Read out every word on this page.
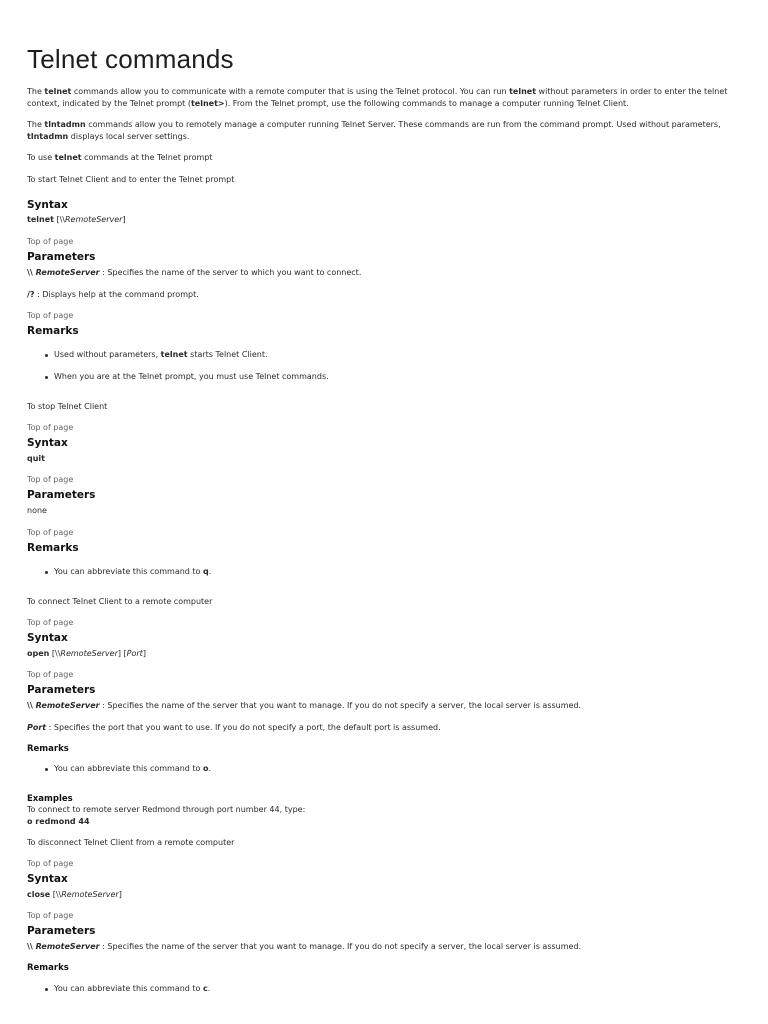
Telnet commands
The telnet commands allow you to communicate with a remote computer that is using the Telnet protocol. You can run telnet without parameters in order to enter the telnet context, indicated by the Telnet prompt (telnet>). From the Telnet prompt, use the following commands to manage a computer running Telnet Client.
The tlntadmn commands allow you to remotely manage a computer running Telnet Server. These commands are run from the command prompt. Used without parameters, tlntadmn displays local server settings.
To use telnet commands at the Telnet prompt
To start Telnet Client and to enter the Telnet prompt
Syntax
telnet [\\RemoteServer]
Top of page
Parameters
\\ RemoteServer : Specifies the name of the server to which you want to connect.
/? : Displays help at the command prompt.
Top of page
Remarks
Used without parameters, telnet starts Telnet Client.
When you are at the Telnet prompt, you must use Telnet commands.
To stop Telnet Client
Top of page
Syntax
quit
Top of page
Parameters
none
Top of page
Remarks
You can abbreviate this command to q.
To connect Telnet Client to a remote computer
Top of page
Syntax
open [\\RemoteServer] [Port]
Top of page
Parameters
\\ RemoteServer : Specifies the name of the server that you want to manage. If you do not specify a server, the local server is assumed.
Port : Specifies the port that you want to use. If you do not specify a port, the default port is assumed.
Remarks
You can abbreviate this command to o.
Examples
To connect to remote server Redmond through port number 44, type:
o redmond 44
To disconnect Telnet Client from a remote computer
Top of page
Syntax
close [\\RemoteServer]
Top of page
Parameters
\\ RemoteServer : Specifies the name of the server that you want to manage. If you do not specify a server, the local server is assumed.
Remarks
You can abbreviate this command to c.
